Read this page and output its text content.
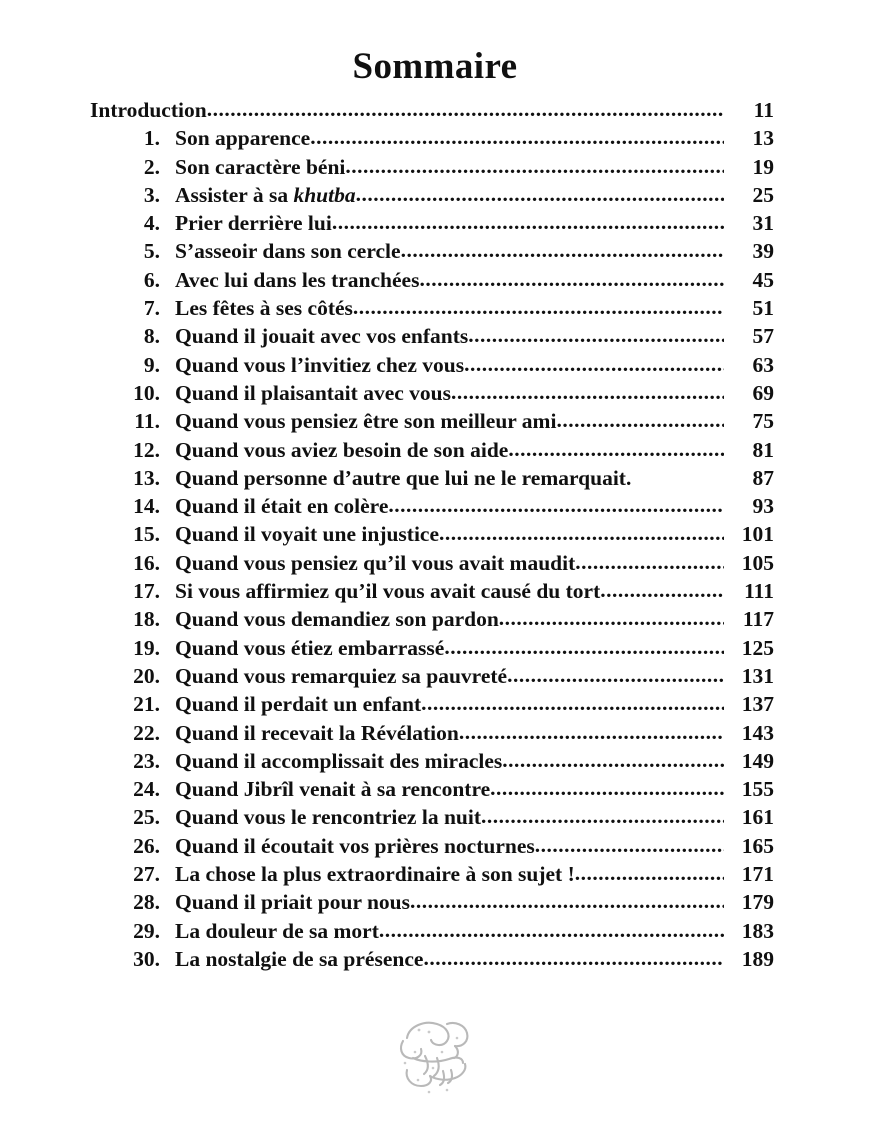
Sommaire
Introduction .....	11
1. Son apparence .....	13
2. Son caractère béni .....	19
3. Assister à sa khutba .....	25
4. Prier derrière lui .....	31
5. S’asseoir dans son cercle .....	39
6. Avec lui dans les tranchées .....	45
7. Les fêtes à ses côtés .....	51
8. Quand il jouait avec vos enfants .....	57
9. Quand vous l’invitiez chez vous .....	63
10. Quand il plaisantait avec vous .....	69
11. Quand vous pensiez être son meilleur ami .....	75
12. Quand vous aviez besoin de son aide .....	81
13. Quand personne d’autre que lui ne le remarquait.	87
14. Quand il était en colère .....	93
15. Quand il voyait une injustice .....	101
16. Quand vous pensiez qu’il vous avait maudit .....	105
17. Si vous affirmiez qu’il vous avait causé du tort .....	111
18. Quand vous demandiez son pardon .....	117
19. Quand vous étiez embarrassé .....	125
20. Quand vous remarquiez sa pauvreté .....	131
21. Quand il perdait un enfant .....	137
22. Quand il recevait la Révélation .....	143
23. Quand il accomplissait des miracles .....	149
24. Quand Jibrîl venait à sa rencontre .....	155
25. Quand vous le rencontriez la nuit .....	161
26. Quand il écoutait vos prières nocturnes .....	165
27. La chose la plus extraordinaire à son sujet ! .....	171
28. Quand il priait pour nous .....	179
29. La douleur de sa mort .....	183
30. La nostalgie de sa présence .....	189
